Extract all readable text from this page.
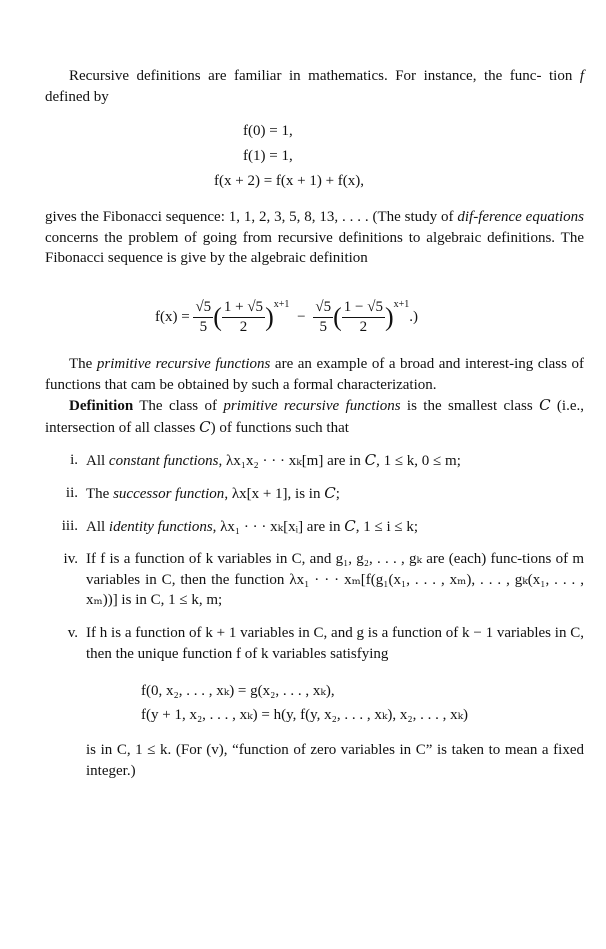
Recursive definitions are familiar in mathematics. For instance, the func- tion f defined by

f(0) = 1,
f(1) = 1,
f(x + 2) = f(x + 1) + f(x),

gives the Fibonacci sequence: 1, 1, 2, 3, 5, 8, 13, . . . . (The study of dif-ference equations concerns the problem of going from recursive definitions to algebraic definitions. The Fibonacci sequence is give by the algebraic definition

$f(x) = \frac{√5}{5}$ ( $\frac{1 + √5}{2} )^{x+1} - \frac{√5}{5}$ ( $\frac{1 - √5}{2} )^{x+1}$.)

The primitive recursive functions are an example of a broad and interest-ing class of functions that cam be obtained by such a formal characterization.

Definition The class of primitive recursive functions is the smallest class C (i.e., intersection of all classes C) of functions such that

i. All constant functions, λx₁x₂ · · · xₖ[m] are in C, 1 ≤ k, 0 ≤ m;
ii. The successor function, λx[x + 1], is in C;
iii. All identity functions, λx₁ · · · xₖ[xᵢ] are in C, 1 ≤ i ≤ k;
iv. If f is a function of k variables in C, and g₁, g₂, . . . , gₖ are (each) func-tions of m variables in C, then the function λx₁ · · · xₘ[f(g₁(x₁, . . . , xₘ), . . . , gₖ(x₁, . . . , xₘ))] is in C, 1 ≤ k, m;
v. If h is a function of k + 1 variables in C, and g is a function of k − 1 variables in C, then the unique function f of k variables satisfying
f(0, x₂, . . . , xₖ) = g(x₂, . . . , xₖ),
f(y + 1, x₂, . . . , xₖ) = h(y, f(y, x₂, . . . , xₖ), x₂, . . . , xₖ)

is in C, 1 ≤ k. (For (v), “function of zero variables in C” is taken to mean a fixed integer.)
